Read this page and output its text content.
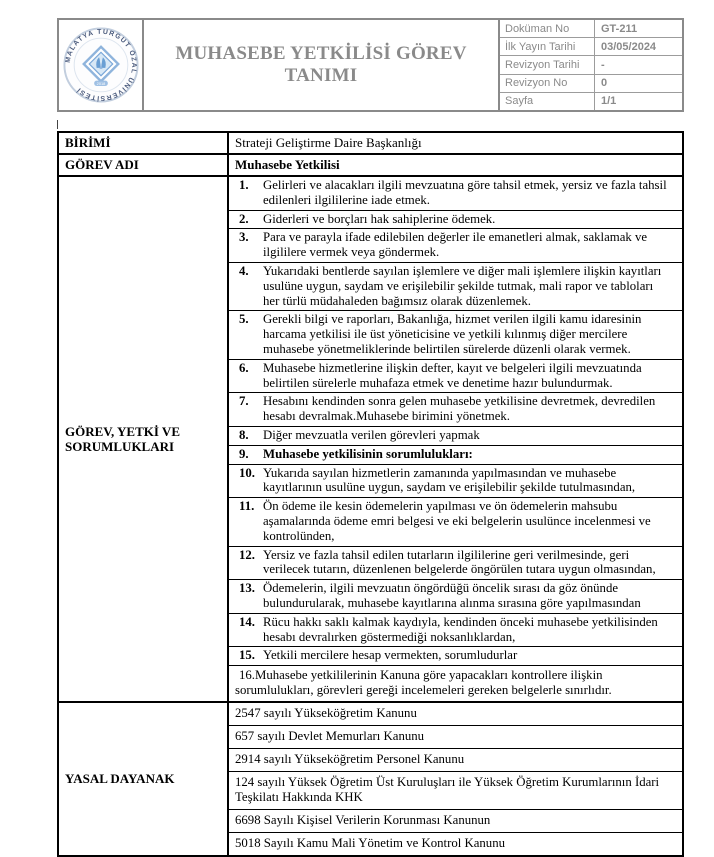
MALATYA TURGUT ÖZAL ÜNİVERSİTESİ
2018
MUHASEBE YETKİLİSİ GÖREV TANIMI
Doküman No	GT-211
İlk Yayın Tarihi	03/05/2024
Revizyon Tarihi	-
Revizyon No	0
Sayfa	1/1
BİRİMİ	Strateji Geliştirme Daire Başkanlığı
GÖREV ADI	Muhasebe Yetkilisi
GÖREV, YETKİ VE SORUMLUKLARI
1. Gelirleri ve alacakları ilgili mevzuatına göre tahsil etmek, yersiz ve fazla tahsil edilenleri ilgililerine iade etmek.
2. Giderleri ve borçları hak sahiplerine ödemek.
3. Para ve parayla ifade edilebilen değerler ile emanetleri almak, saklamak ve ilgililere vermek veya göndermek.
4. Yukarıdaki bentlerde sayılan işlemlere ve diğer mali işlemlere ilişkin kayıtları usulüne uygun, saydam ve erişilebilir şekilde tutmak, mali rapor ve tabloları her türlü müdahaleden bağımsız olarak düzenlemek.
5. Gerekli bilgi ve raporları, Bakanlığa, hizmet verilen ilgili kamu idaresinin harcama yetkilisi ile üst yöneticisine ve yetkili kılınmış diğer mercilere muhasebe yönetmeliklerinde belirtilen sürelerde düzenli olarak vermek.
6. Muhasebe hizmetlerine ilişkin defter, kayıt ve belgeleri ilgili mevzuatında belirtilen sürelerle muhafaza etmek ve denetime hazır bulundurmak.
7. Hesabını kendinden sonra gelen muhasebe yetkilisine devretmek, devredilen hesabı devralmak.Muhasebe birimini yönetmek.
8. Diğer mevzuatla verilen görevleri yapmak
9. Muhasebe yetkilisinin sorumlulukları:
10. Yukarıda sayılan hizmetlerin zamanında yapılmasından ve muhasebe kayıtlarının usulüne uygun, saydam ve erişilebilir şekilde tutulmasından,
11. Ön ödeme ile kesin ödemelerin yapılması ve ön ödemelerin mahsubu aşamalarında ödeme emri belgesi ve eki belgelerin usulünce incelenmesi ve kontrolünden,
12. Yersiz ve fazla tahsil edilen tutarların ilgililerine geri verilmesinde, geri verilecek tutarın, düzenlenen belgelerde öngörülen tutara uygun olmasından,
13. Ödemelerin, ilgili mevzuatın öngördüğü öncelik sırası da göz önünde bulundurularak, muhasebe kayıtlarına alınma sırasına göre yapılmasından
14. Rücu hakkı saklı kalmak kaydıyla, kendinden önceki muhasebe yetkilisinden hesabı devralırken göstermediği noksanlıklardan,
15. Yetkili mercilere hesap vermekten, sorumludurlar
16.Muhasebe yetkililerinin Kanuna göre yapacakları kontrollere ilişkin sorumlulukları, görevleri gereği incelemeleri gereken belgelerle sınırlıdır.
YASAL DAYANAK
2547 sayılı Yükseköğretim Kanunu
657 sayılı Devlet Memurları Kanunu
2914 sayılı Yükseköğretim Personel Kanunu
124 sayılı Yüksek Öğretim Üst Kuruluşları ile Yüksek Öğretim Kurumlarının İdari Teşkilatı Hakkında KHK
6698 Sayılı Kişisel Verilerin Korunması Kanunun
5018 Sayılı Kamu Mali Yönetim ve Kontrol Kanunu
